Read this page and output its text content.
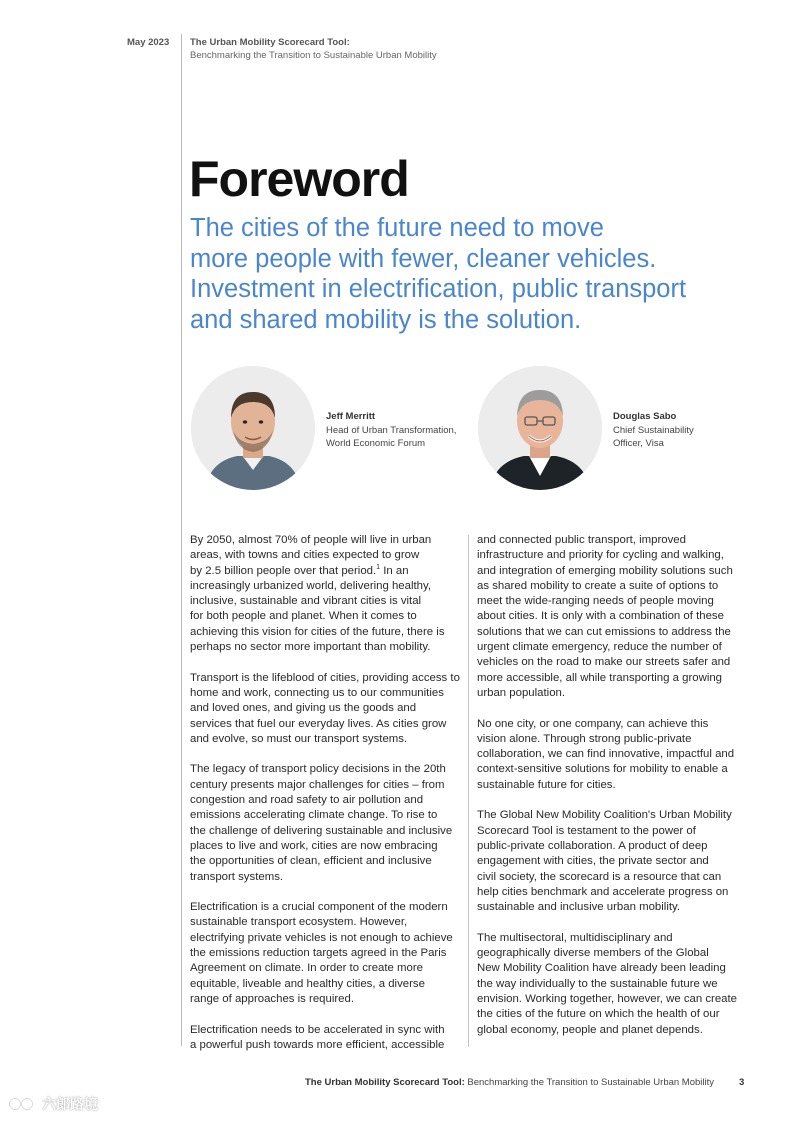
May 2023 The Urban Mobility Scorecard Tool:
Benchmarking the Transition to Sustainable Urban Mobility
Foreword
The cities of the future need to move
more people with fewer, cleaner vehicles.
Investment in electrification, public transport
and shared mobility is the solution.
Jeff Merritt
Head of Urban Transformation,
World Economic Forum
Douglas Sabo
Chief Sustainability
Officer, Visa
By 2050, almost 70% of people will live in urban
areas, with towns and cities expected to grow
by 2.5 billion people over that period.$^1$ In an
increasingly urbanized world, delivering healthy,
inclusive, sustainable and vibrant cities is vital
for both people and planet. When it comes to
achieving this vision for cities of the future, there is
perhaps no sector more important than mobility.
Transport is the lifeblood of cities, providing access to
home and work, connecting us to our communities
and loved ones, and giving us the goods and
services that fuel our everyday lives. As cities grow
and evolve, so must our transport systems.
The legacy of transport policy decisions in the 20th
century presents major challenges for cities – from
congestion and road safety to air pollution and
emissions accelerating climate change. To rise to
the challenge of delivering sustainable and inclusive
places to live and work, cities are now embracing
the opportunities of clean, efficient and inclusive
transport systems.
Electrification is a crucial component of the modern
sustainable transport ecosystem. However,
electrifying private vehicles is not enough to achieve
the emissions reduction targets agreed in the Paris
Agreement on climate. In order to create more
equitable, liveable and healthy cities, a diverse
range of approaches is required.
Electrification needs to be accelerated in sync with
a powerful push towards more efficient, accessible
and connected public transport, improved
infrastructure and priority for cycling and walking,
and integration of emerging mobility solutions such
as shared mobility to create a suite of options to
meet the wide-ranging needs of people moving
about cities. It is only with a combination of these
solutions that we can cut emissions to address the
urgent climate emergency, reduce the number of
vehicles on the road to make our streets safer and
more accessible, all while transporting a growing
urban population.
No one city, or one company, can achieve this
vision alone. Through strong public-private
collaboration, we can find innovative, impactful and
context-sensitive solutions for mobility to enable a
sustainable future for cities.
The Global New Mobility Coalition's Urban Mobility
Scorecard Tool is testament to the power of
public-private collaboration. A product of deep
engagement with cities, the private sector and
civil society, the scorecard is a resource that can
help cities benchmark and accelerate progress on
sustainable and inclusive urban mobility.
The multisectoral, multidisciplinary and
geographically diverse members of the Global
New Mobility Coalition have already been leading
the way individually to the sustainable future we
envision. Working together, however, we can create
the cities of the future on which the health of our
global economy, people and planet depends.
The Urban Mobility Scorecard Tool: Benchmarking the Transition to Sustainable Urban Mobility	3
六郎路境
